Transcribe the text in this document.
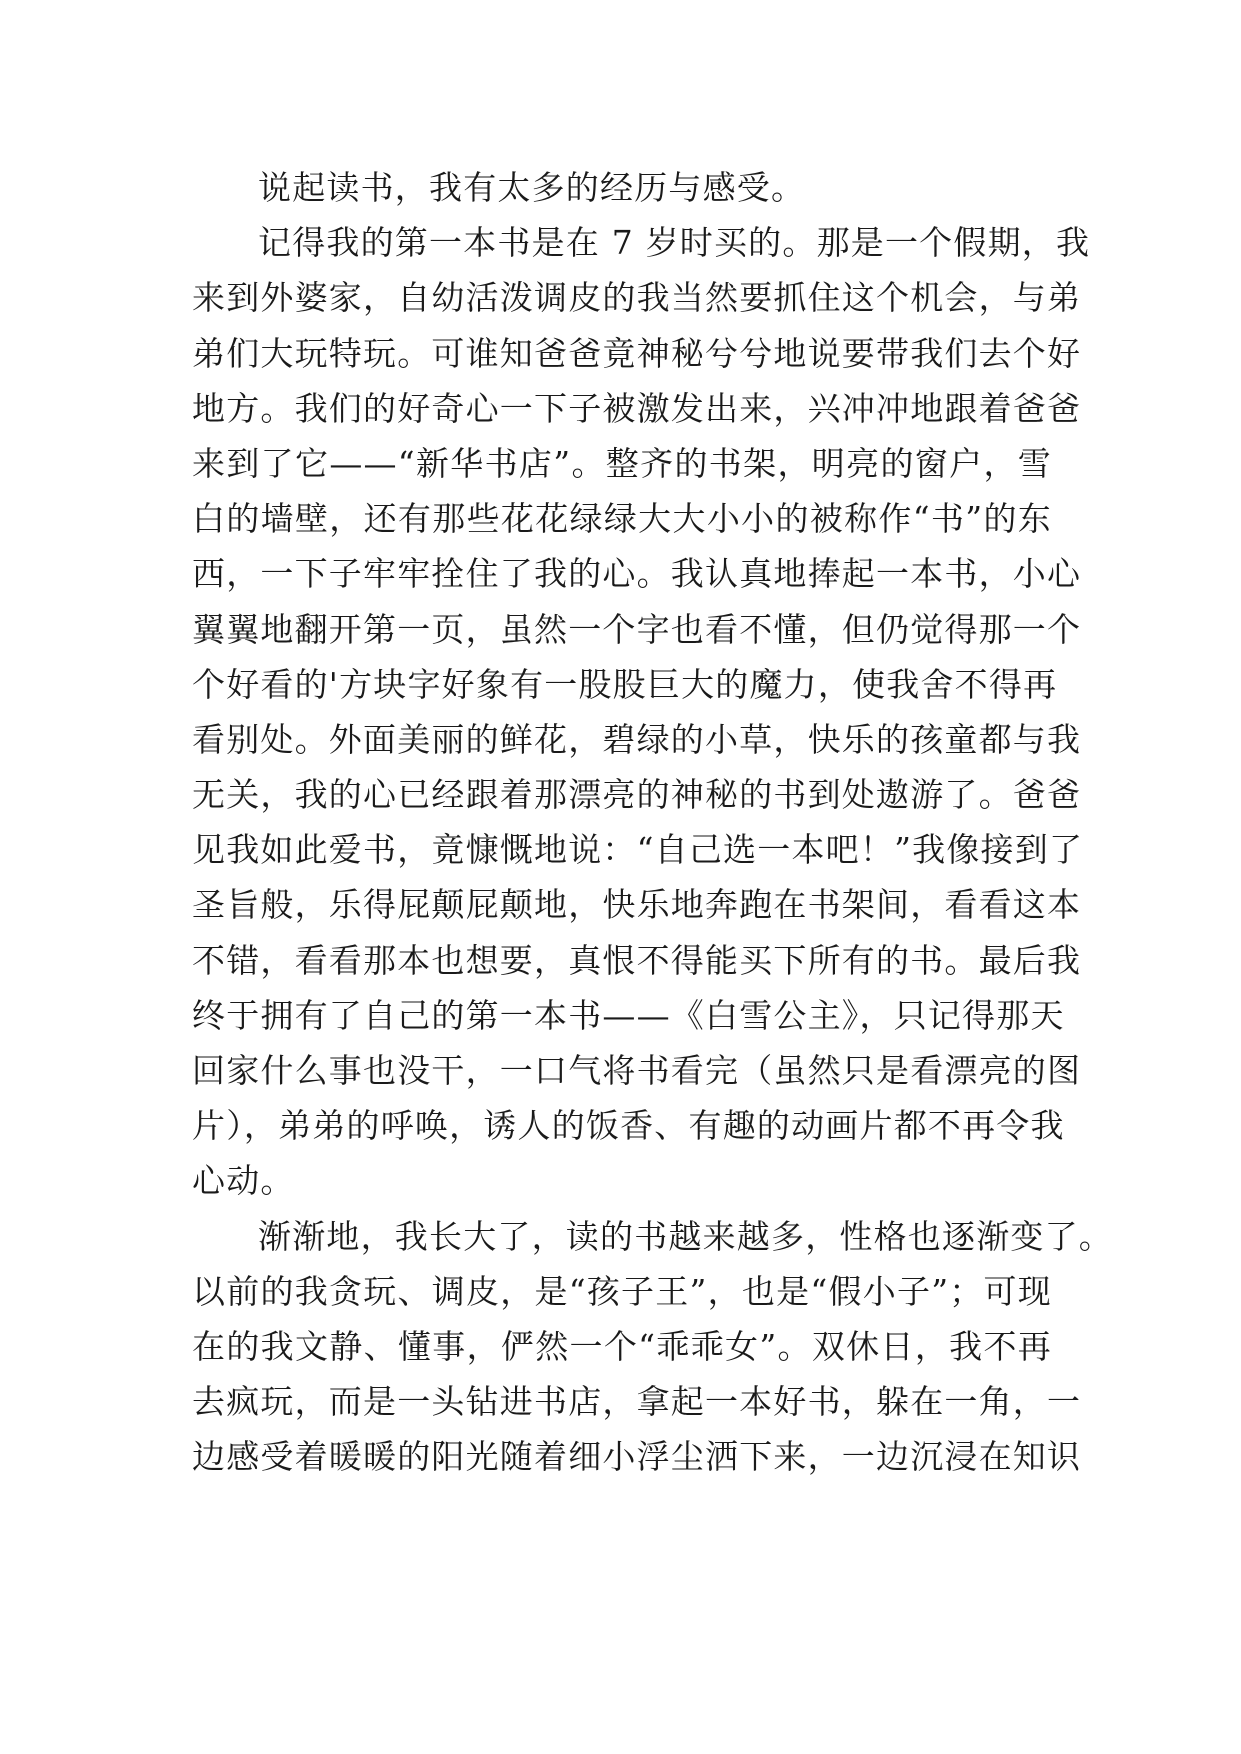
说起读书，我有太多的经历与感受。
记得我的第一本书是在 7 岁时买的。那是一个假期，我
来到外婆家，自幼活泼调皮的我当然要抓住这个机会，与弟
弟们大玩特玩。可谁知爸爸竟神秘兮兮地说要带我们去个好
地方。我们的好奇心一下子被激发出来，兴冲冲地跟着爸爸
来到了它——“新华书店”。整齐的书架，明亮的窗户，雪
白的墙壁，还有那些花花绿绿大大小小的被称作“书”的东
西，一下子牢牢拴住了我的心。我认真地捧起一本书，小心
翼翼地翻开第一页，虽然一个字也看不懂，但仍觉得那一个
个好看的'方块字好象有一股股巨大的魔力，使我舍不得再
看别处。外面美丽的鲜花，碧绿的小草，快乐的孩童都与我
无关，我的心已经跟着那漂亮的神秘的书到处遨游了。爸爸
见我如此爱书，竟慷慨地说：“自己选一本吧！”我像接到了
圣旨般，乐得屁颠屁颠地，快乐地奔跑在书架间，看看这本
不错，看看那本也想要，真恨不得能买下所有的书。最后我
终于拥有了自己的第一本书——《白雪公主》，只记得那天
回家什么事也没干，一口气将书看完（虽然只是看漂亮的图
片），弟弟的呼唤，诱人的饭香、有趣的动画片都不再令我
心动。
渐渐地，我长大了，读的书越来越多，性格也逐渐变了。
以前的我贪玩、调皮，是“孩子王”，也是“假小子”；可现
在的我文静、懂事，俨然一个“乖乖女”。双休日，我不再
去疯玩，而是一头钻进书店，拿起一本好书，躲在一角，一
边感受着暖暖的阳光随着细小浮尘洒下来，一边沉浸在知识
